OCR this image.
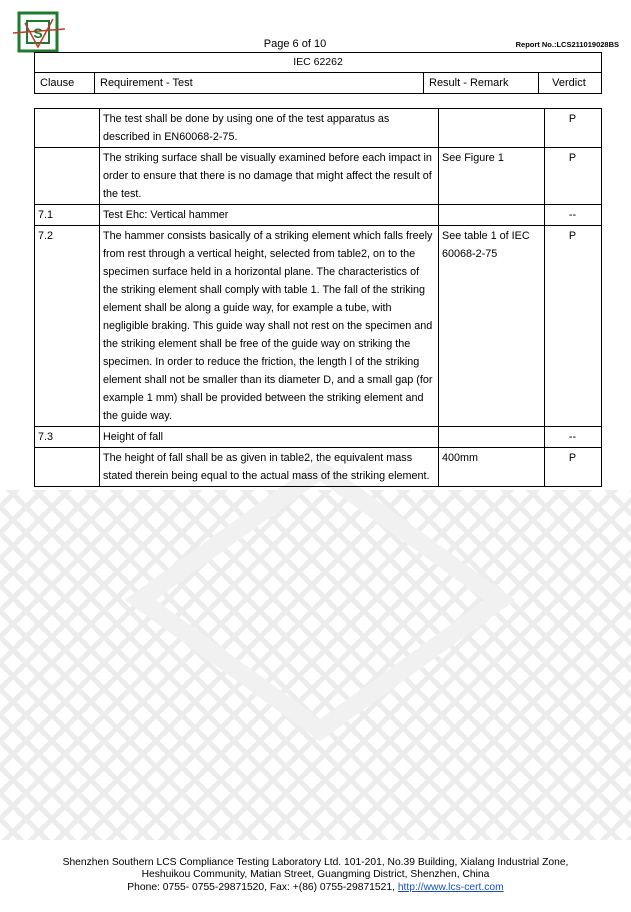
S
Page 6 of 10	Report No.:LCS211019028BS
IEC 62262
Clause	Requirement - Test	Result - Remark	Verdict
	The test shall be done by using one of the test apparatus as described in EN60068-2-75.		P
	The striking surface shall be visually examined before each impact in order to ensure that there is no damage that might affect the result of the test.	See Figure 1	P
7.1	Test Ehc: Vertical hammer		--
7.2	The hammer consists basically of a striking element which falls freely from rest through a vertical height, selected from table2, on to the specimen surface held in a horizontal plane. The characteristics of the striking element shall comply with table 1. The fall of the striking element shall be along a guide way, for example a tube, with negligible braking. This guide way shall not rest on the specimen and the striking element shall be free of the guide way on striking the specimen. In order to reduce the friction, the length l of the striking element shall not be smaller than its diameter D, and a small gap (for example 1 mm) shall be provided between the striking element and the guide way.	See table 1 of IEC 60068-2-75	P
7.3	Height of fall		--
	The height of fall shall be as given in table2, the equivalent mass stated therein being equal to the actual mass of the striking element.	400mm	P
Shenzhen Southern LCS Compliance Testing Laboratory Ltd. 101-201, No.39 Building, Xialang Industrial Zone,
Heshuikou Community, Matian Street, Guangming District, Shenzhen, China
Phone: 0755- 0755-29871520, Fax: +(86) 0755-29871521, http://www.lcs-cert.com
